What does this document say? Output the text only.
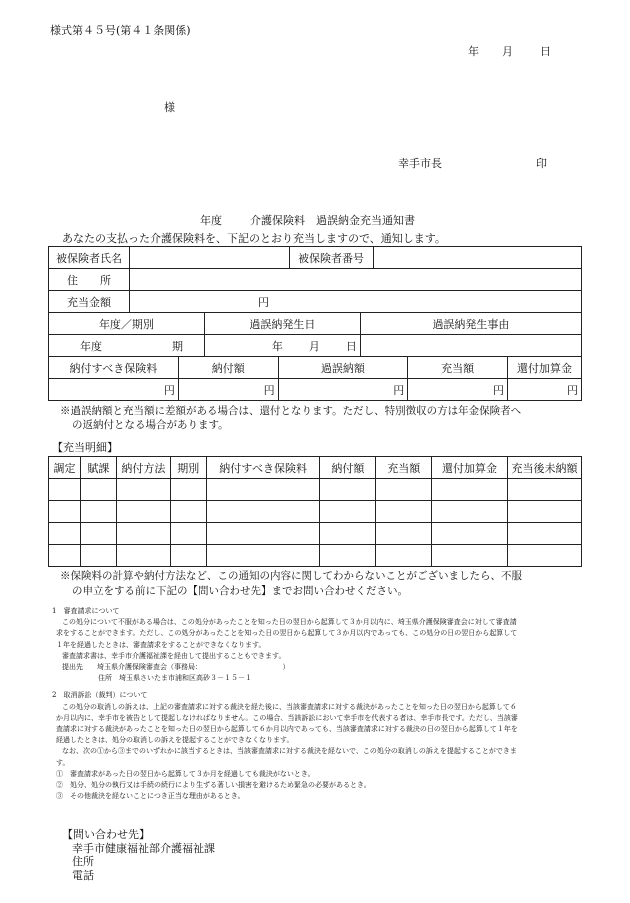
様式第４５号(第４１条関係)
年 月 日
様
幸手市長	印
年度	介護保険料　過誤納金充当通知書
あなたの支払った介護保険料を、下記のとおり充当しますので、通知します。
被保険者氏名		被保険者番号	
住　　所			
充当金額	円		
年度／期別	過誤納発生日	過誤納発生事由
年度 期	年 月 日	
納付すべき保険料	納付額	過誤納額	充当額	還付加算金
円	円	円	円	円
※過誤納額と充当額に差額がある場合は、還付となります。ただし、特別徴収の方は年金保険者へ
の返納付となる場合があります。
【充当明細】
調定	賦課	納付方法	期別	納付すべき保険料	納付額	充当額	還付加算金	充当後未納額

※保険料の計算や納付方法など、この通知の内容に関してわからないことがございましたら、不服
の申立をする前に下記の【問い合わせ先】までお問い合わせください。
1　審査請求について
この処分について不服がある場合は、この処分があったことを知った日の翌日から起算して３か月以内に、埼玉県介護保険審査会に対して審査請
求をすることができます。ただし、この処分があったことを知った日の翌日から起算して３か月以内であっても、この処分の日の翌日から起算して
１年を経過したときは、審査請求をすることができなくなります。
審査請求書は、幸手市介護福祉課を経由して提出することもできます。
提出先　　埼玉県介護保険審査会（事務局：　　　　　　　　　　　　）
住所　埼玉県さいたま市浦和区高砂３－１５－１
2　取消訴訟（裁判）について
この処分の取消しの訴えは、上記の審査請求に対する裁決を経た後に、当該審査請求に対する裁決があったことを知った日の翌日から起算して６
か月以内に、幸手市を被告として提起しなければなりません。この場合、当該訴訟において幸手市を代表する者は、幸手市長です。ただし、当該審
査請求に対する裁決があったことを知った日の翌日から起算して６か月以内であっても、当該審査請求に対する裁決の日の翌日から起算して１年を
経過したときは、処分の取消しの訴えを提起することができなくなります。
なお、次の①から③までのいずれかに該当するときは、当該審査請求に対する裁決を経ないで、この処分の取消しの訴えを提起することができま
す。
①　審査請求があった日の翌日から起算して３か月を経過しても裁決がないとき。
②　処分、処分の執行又は手続の続行により生ずる著しい損害を避けるため緊急の必要があるとき。
③　その他裁決を経ないことにつき正当な理由があるとき。
【問い合わせ先】
幸手市健康福祉部介護福祉課
住所
電話
